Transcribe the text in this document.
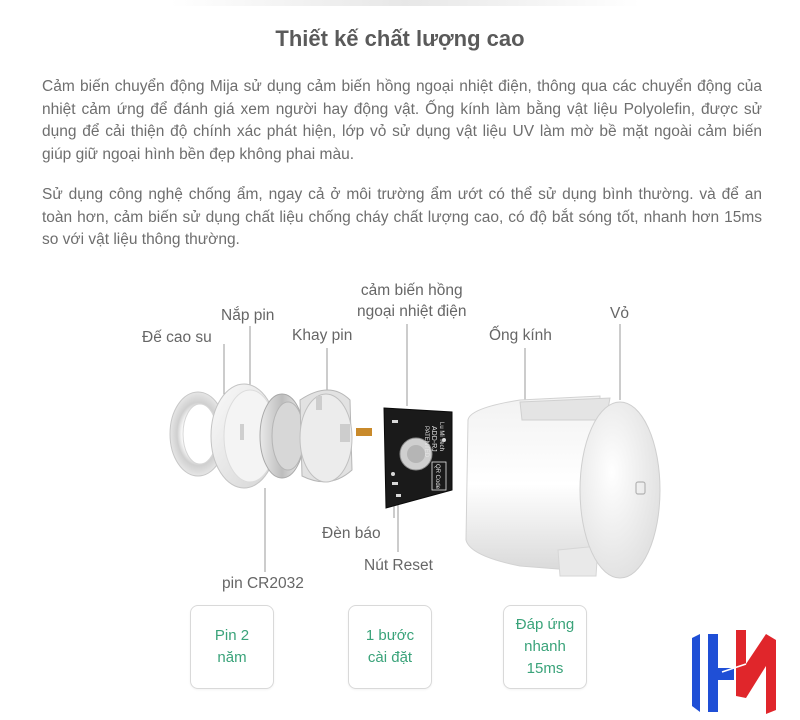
Thiết kế chất lượng cao
Cảm biến chuyển động Mija sử dụng cảm biến hồng ngoại nhiệt điện, thông qua các chuyển động của nhiệt cảm ứng để đánh giá xem người hay động vật. Ống kính làm bằng vật liệu Polyolefin, được sử dụng để cải thiện độ chính xác phát hiện, lớp vỏ sử dụng vật liệu UV làm mờ bề mặt ngoài cảm biến giúp giữ ngoại hình bền đẹp không phai màu.
Sử dụng công nghệ chống ẩm, ngay cả ở môi trường ẩm ướt có thể sử dụng bình thường. và để an toàn hơn, cảm biến sử dụng chất liệu chống cháy chất lượng cao, có độ bắt sóng tốt, nhanh hơn 15ms so với vật liệu thông thường.
ADD-RJ Lu Mi Tech
PATENTED
QR Code
Đế cao su
Nắp pin
Khay pin
cảm biến hồng
ngoại nhiệt điện
Ống kính
Vỏ
Đèn báo
Nút Reset
pin CR2032
Pin 2
năm
1 bước
cài đặt
Đáp ứng
nhanh
15ms
